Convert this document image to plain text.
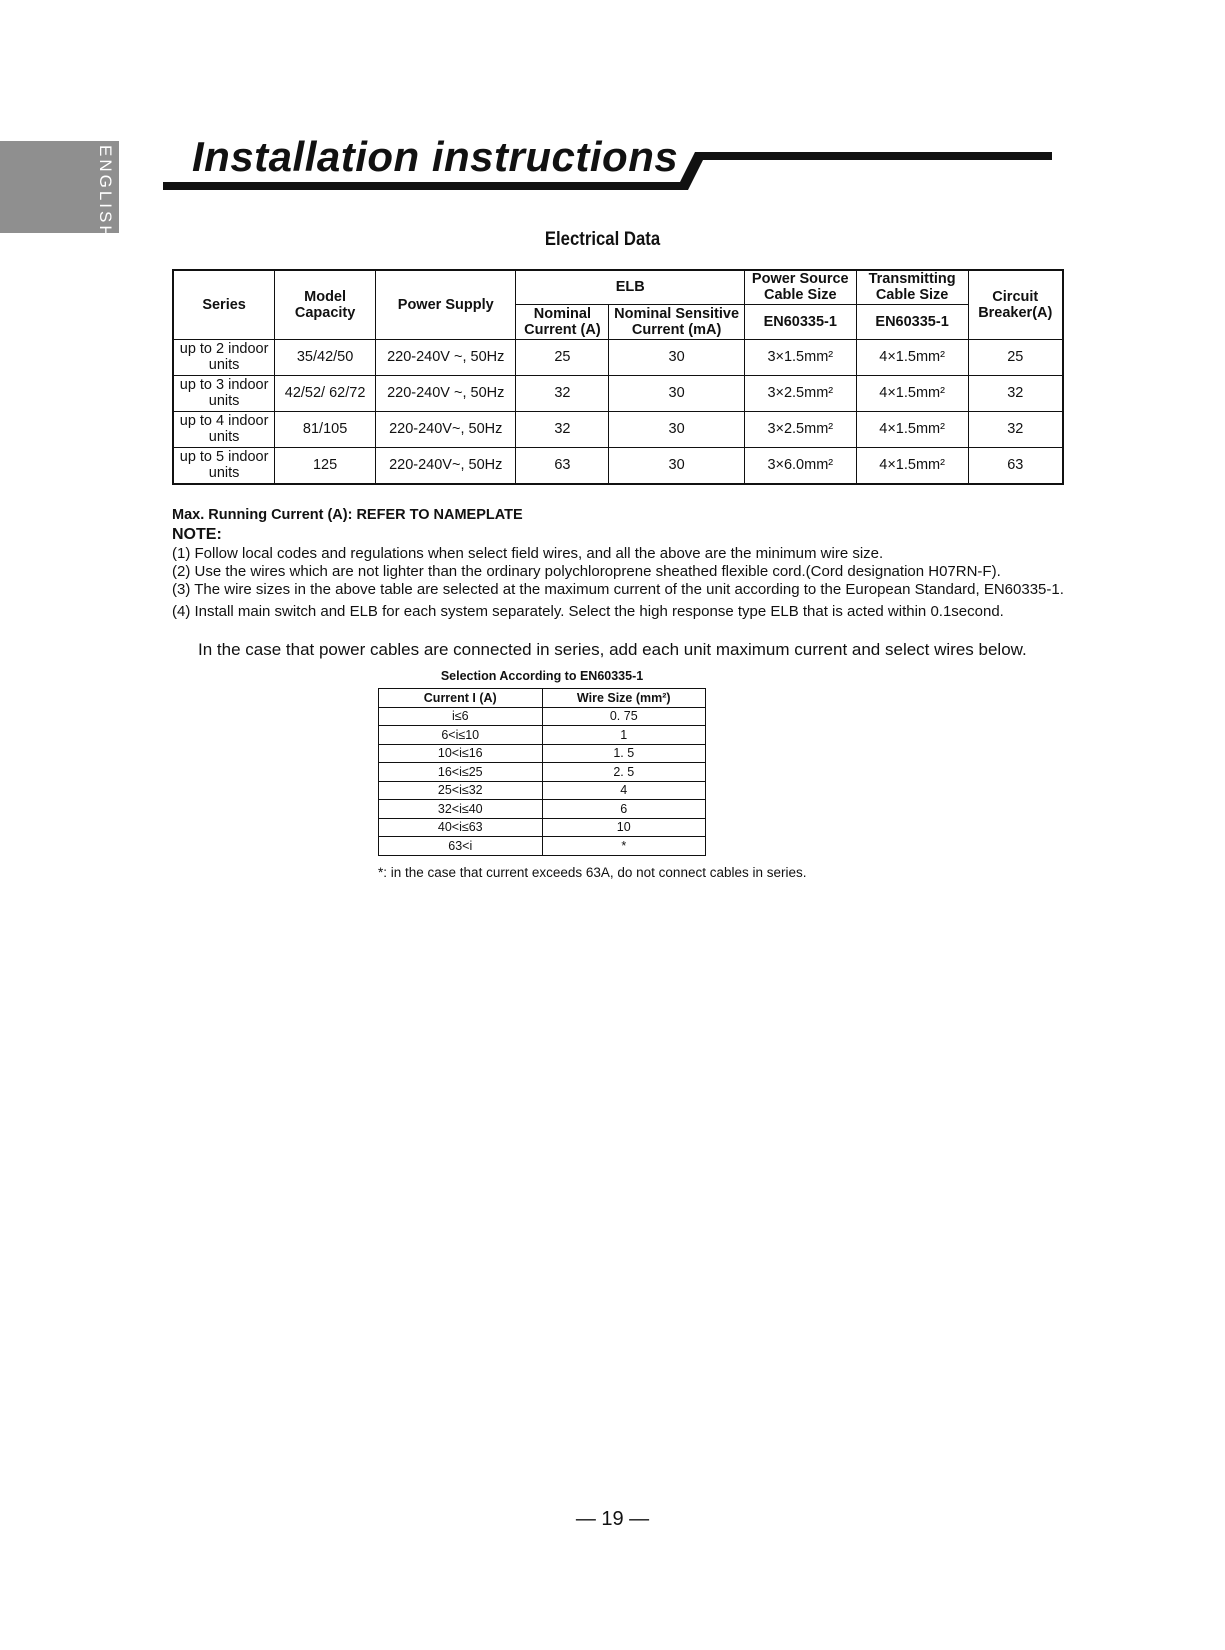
ENGLISH Installation instructions
Electrical Data
Series	Model Capacity	Power Supply	ELB		Power Source Cable Size	Transmitting Cable Size	Circuit Breaker(A)
			Nominal Current (A)	Nominal Sensitive Current (mA)	EN60335-1	EN60335-1	
up to 2 indoor units	35/42/50	220-240V ~, 50Hz	25	30	3×1.5mm²	4×1.5mm²	25
up to 3 indoor units	42/52/ 62/72	220-240V ~, 50Hz	32	30	3×2.5mm²	4×1.5mm²	32
up to 4 indoor units	81/105	220-240V~, 50Hz	32	30	3×2.5mm²	4×1.5mm²	32
up to 5 indoor units	125	220-240V~, 50Hz	63	30	3×6.0mm²	4×1.5mm²	63

Max. Running Current (A): REFER TO NAMEPLATE

NOTE:

(1) Follow local codes and regulations when select field wires, and all the above are the minimum wire size.

(2) Use the wires which are not lighter than the ordinary polychloroprene sheathed flexible cord.(Cord designation H07RN-F).

(3) The wire sizes in the above table are selected at the maximum current of the unit according to the European Standard, EN60335-1.

(4) Install main switch and ELB for each system separately. Select the high response type ELB that is acted within 0.1second.

In the case that power cables are connected in series, add each unit maximum current and select wires below.
Selection According to EN60335-1
Current I (A)	Wire Size (mm²)
i≤6	0. 75
6<i≤10	1
10<i≤16	1. 5
16<i≤25	2. 5
25<i≤32	4
32<i≤40	6
40<i≤63	10
63<i	*
*: in the case that current exceeds 63A, do not connect cables in series.
— 19 —
